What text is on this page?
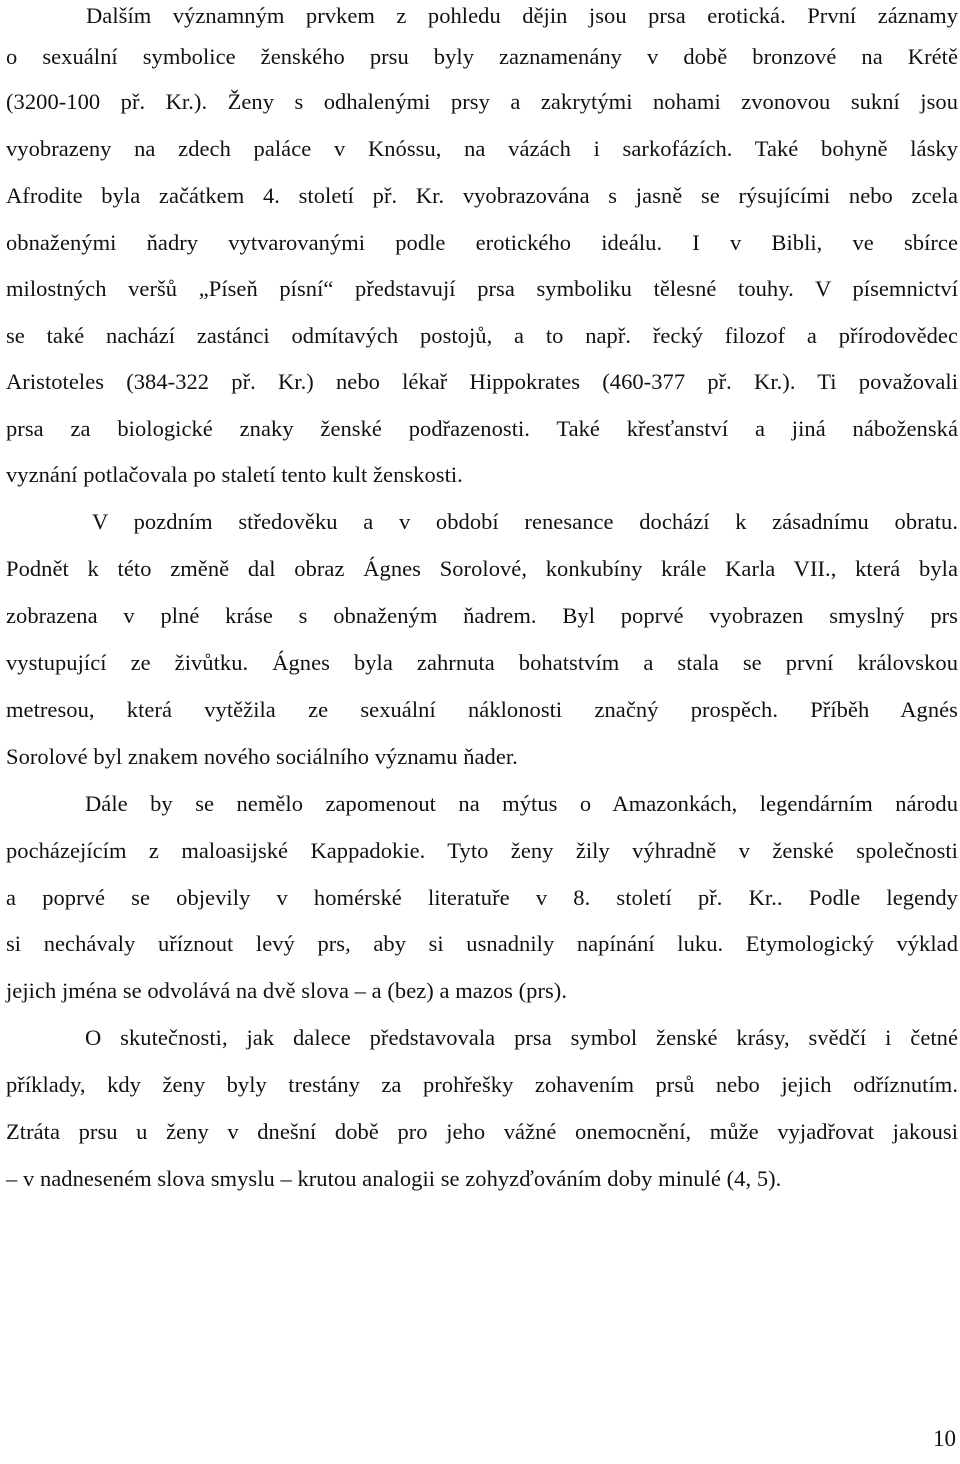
Dalším významným prvkem z pohledu dějin jsou prsa erotická. První záznamy
o sexuální symbolice ženského prsu byly zaznamenány v době bronzové na Krétě
(3200-100 př. Kr.). Ženy s odhalenými prsy a zakrytými nohami zvonovou sukní jsou
vyobrazeny na zdech paláce v Knóssu, na vázách i sarkofázích. Také bohyně lásky
Afrodite byla začátkem 4. století př. Kr. vyobrazována s jasně se rýsujícími nebo zcela
obnaženými ňadry vytvarovanými podle erotického ideálu. I v Bibli, ve sbírce
milostných veršů „Píseň písní“ představují prsa symboliku tělesné touhy. V písemnictví
se také nachází zastánci odmítavých postojů, a to např. řecký filozof a přírodovědec
Aristoteles (384-322 př. Kr.) nebo lékař Hippokrates (460-377 př. Kr.). Ti považovali
prsa za biologické znaky ženské podřazenosti. Také křesťanství a jiná náboženská
vyznání potlačovala po staletí tento kult ženskosti.
V pozdním středověku a v období renesance dochází k zásadnímu obratu.
Podnět k této změně dal obraz Ágnes Sorolové, konkubíny krále Karla VII., která byla
zobrazena v plné kráse s obnaženým ňadrem. Byl poprvé vyobrazen smyslný prs
vystupující ze živůtku. Ágnes byla zahrnuta bohatstvím a stala se první královskou
metresou, která vytěžila ze sexuální náklonosti značný prospěch. Příběh Agnés
Sorolové byl znakem nového sociálního významu ňader.
Dále by se nemělo zapomenout na mýtus o Amazonkách, legendárním národu
pocházejícím z maloasijské Kappadokie. Tyto ženy žily výhradně v ženské společnosti
a poprvé se objevily v homérské literatuře v 8. století př. Kr.. Podle legendy
si nechávaly uříznout levý prs, aby si usnadnily napínání luku. Etymologický výklad
jejich jména se odvolává na dvě slova – a (bez) a mazos (prs).
O skutečnosti, jak dalece představovala prsa symbol ženské krásy, svědčí i četné
příklady, kdy ženy byly trestány za prohřešky zohavením prsů nebo jejich odříznutím.
Ztráta prsu u ženy v dnešní době pro jeho vážné onemocnění, může vyjadřovat jakousi
– v nadneseném slova smyslu – krutou analogii se zohyzďováním doby minulé (4, 5).
10
